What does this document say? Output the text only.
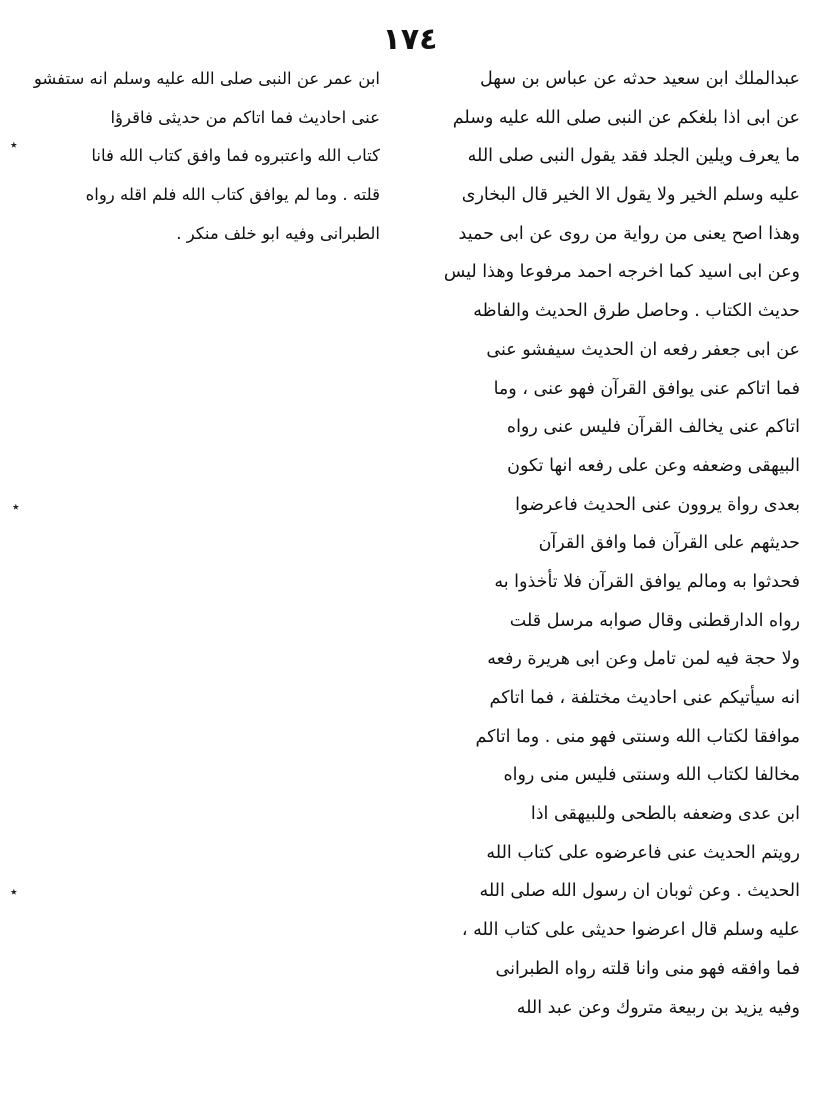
١٧٤
عبدالملك ابن سعيد حدثه عن عباس بن سهل
عن ابى اذا بلغكم عن النبى صلى الله عليه وسلم
ما يعرف ويلين الجلد فقد يقول النبى صلى الله
عليه وسلم الخير ولا يقول الا الخير قال البخارى
وهذا اصح يعنى من رواية من روى عن ابى حميد
وعن ابى اسيد كما اخرجه احمد مرفوعا وهذا ليس
حديث الكتاب . وحاصل طرق الحديث والفاظه
عن ابى جعفر رفعه ان الحديث سيفشو عنى
فما اتاكم عنى يوافق القرآن فهو عنى ، وما
اتاكم عنى يخالف القرآن فليس عنى رواه
البيهقى وضعفه وعن على رفعه انها تكون
بعدى رواة يروون عنى الحديث فاعرضوا
حديثهم على القرآن فما وافق القرآن
فحدثوا به ومالم يوافق القرآن فلا تأخذوا به
رواه الدارقطنى وقال صوابه مرسل قلت
ولا حجة فيه لمن تامل وعن ابى هريرة رفعه
انه سيأتيكم عنى احاديث مختلفة ، فما اتاكم
موافقا لكتاب الله وسنتى فهو منى . وما اتاكم
مخالفا لكتاب الله وسنتى فليس منى رواه
ابن عدى وضعفه بالطحى وللبيهقى اذا
رويتم الحديث عنى فاعرضوه على كتاب الله
الحديث . وعن ثوبان ان رسول الله صلى الله
عليه وسلم قال اعرضوا حديثى على كتاب الله ،
فما وافقه فهو منى وانا قلته رواه الطبرانى
وفيه يزيد بن ربيعة متروك وعن عبد الله
ابن عمر عن النبى صلى الله عليه وسلم انه ستفشو
عنى احاديث فما اتاكم من حديثى فاقرؤا
كتاب الله واعتبروه فما وافق كتاب الله فانا
قلته . وما لم يوافق كتاب الله فلم اقله رواه
الطبرانى وفيه ابو خلف منكر .
٭
٭
٭
